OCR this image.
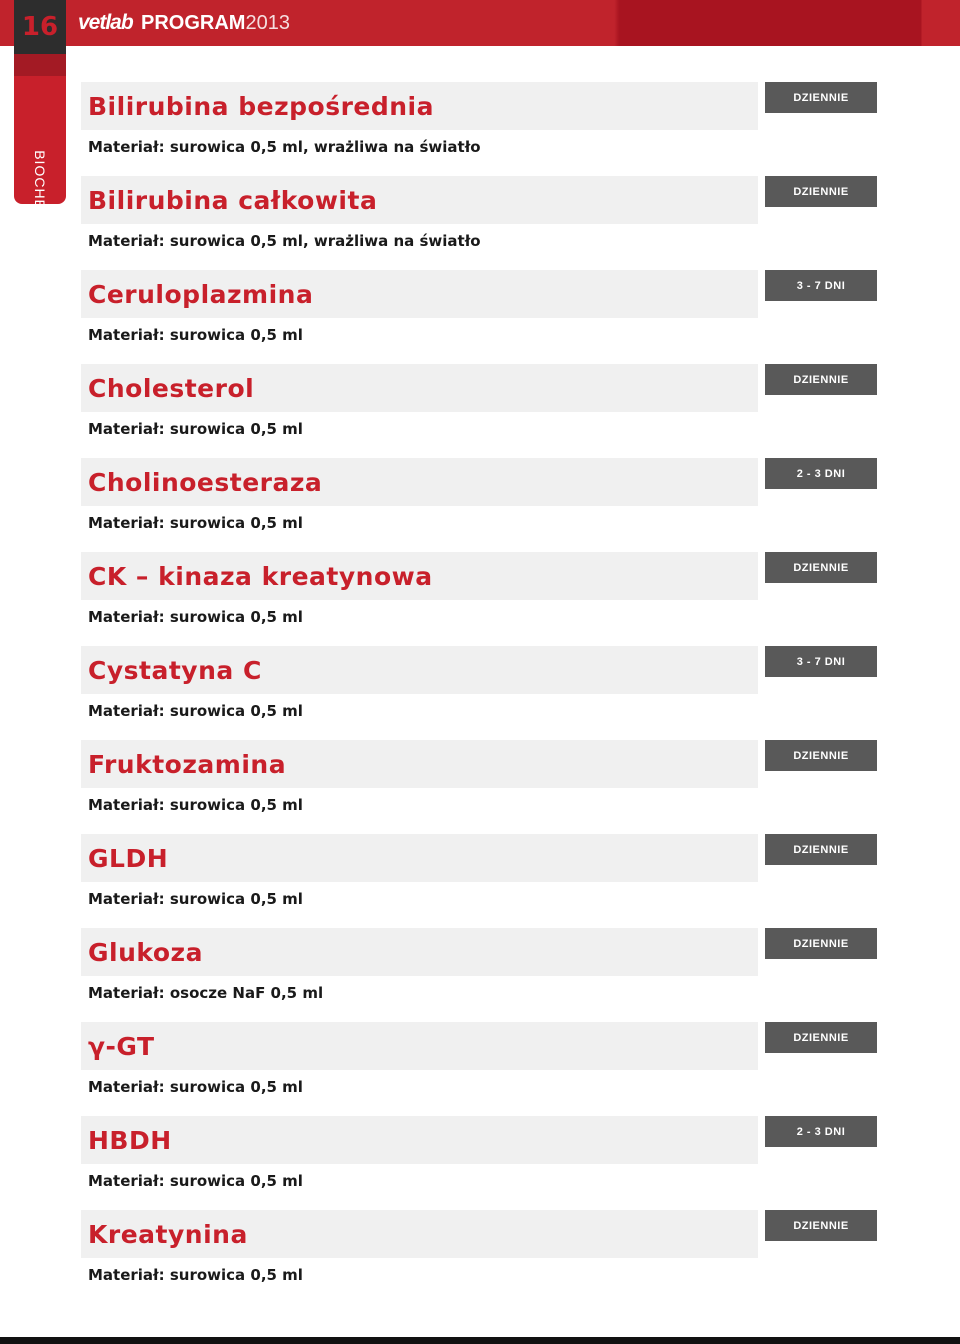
16 vetlab PROGRAM2013
BIOCHEMIA
Bilirubina bezpośrednia	DZIENNIE
Materiał: surowica 0,5 ml, wrażliwa na światło
Bilirubina całkowita	DZIENNIE
Materiał: surowica 0,5 ml, wrażliwa na światło
Ceruloplazmina	3 - 7 DNI
Materiał: surowica 0,5 ml
Cholesterol	DZIENNIE
Materiał: surowica 0,5 ml
Cholinoesteraza	2 - 3 DNI
Materiał: surowica 0,5 ml
CK – kinaza kreatynowa	DZIENNIE
Materiał: surowica 0,5 ml
Cystatyna C	3 - 7 DNI
Materiał: surowica 0,5 ml
Fruktozamina	DZIENNIE
Materiał: surowica 0,5 ml
GLDH	DZIENNIE
Materiał: surowica 0,5 ml
Glukoza	DZIENNIE
Materiał: osocze NaF 0,5 ml
γ-GT	DZIENNIE
Materiał: surowica 0,5 ml
HBDH	2 - 3 DNI
Materiał: surowica 0,5 ml
Kreatynina	DZIENNIE
Materiał: surowica 0,5 ml
